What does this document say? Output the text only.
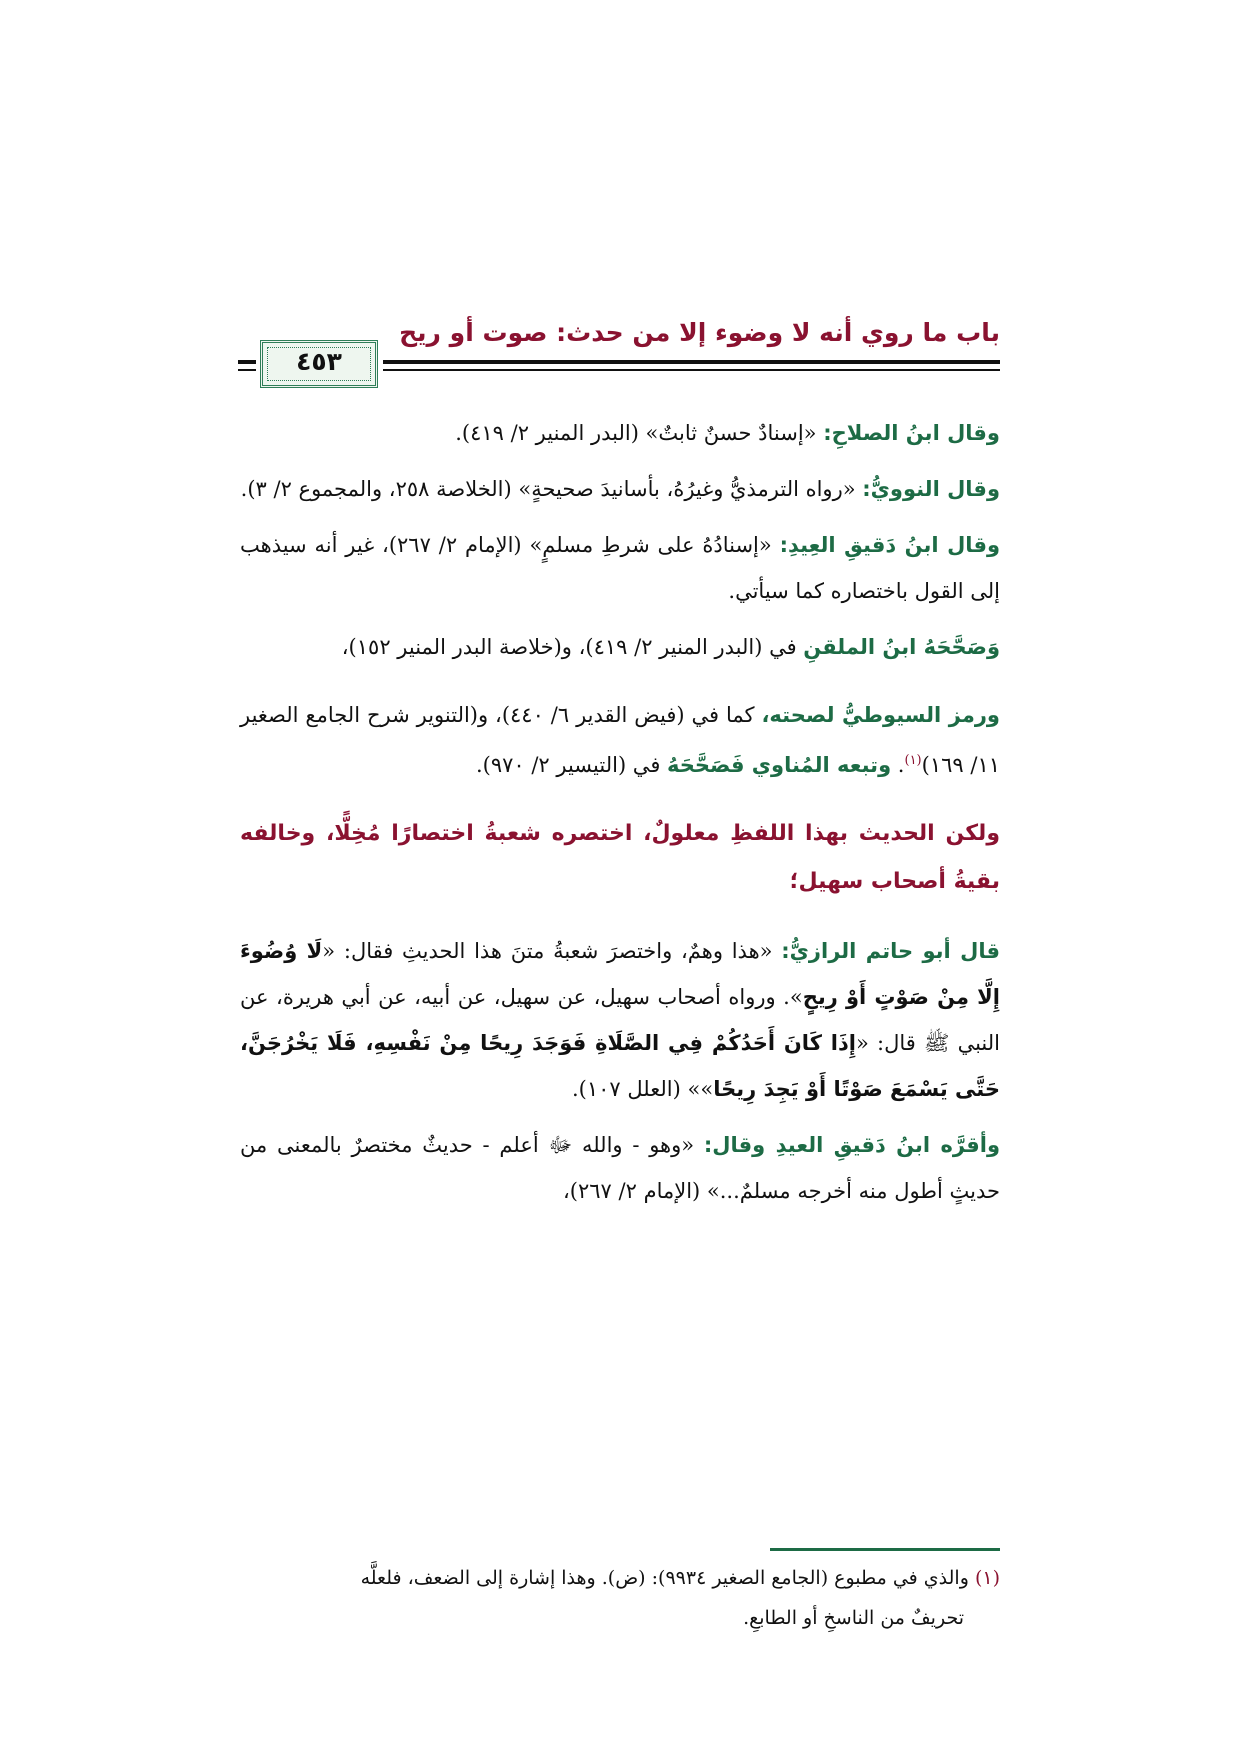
باب ما روي أنه لا وضوء إلا من حدث: صوت أو ريح
٤٥٣

وقال ابنُ الصلاحِ: «إسنادٌ حسنٌ ثابتٌ» (البدر المنير ٢/ ٤١٩).

وقال النوويُّ: «رواه الترمذيُّ وغيرُهُ، بأسانيدَ صحيحةٍ» (الخلاصة ٢٥٨، والمجموع ٢/ ٣).

وقال ابنُ دَقيقِ العِيدِ: «إسنادُهُ على شرطِ مسلمٍ» (الإمام ٢/ ٢٦٧)، غير أنه سيذهب إلى القول باختصاره كما سيأتي.

وَصَحَّحَهُ ابنُ الملقنِ في (البدر المنير ٢/ ٤١٩)، و(خلاصة البدر المنير ١٥٢)،

ورمز السيوطيُّ لصحته، كما في (فيض القدير ٦/ ٤٤٠)، و(التنوير شرح الجامع الصغير ١١/ ١٦٩)$^{(١)}$. وتبعه المُناوي فَصَحَّحَهُ في (التيسير ٢/ ٩٧٠).

ولكن الحديث بهذا اللفظِ معلولٌ، اختصره شعبةُ اختصارًا مُخِلًّا، وخالفه بقيةُ أصحاب سهيل؛

قال أبو حاتم الرازيُّ: «هذا وهمٌ، واختصرَ شعبةُ متنَ هذا الحديثِ فقال: «لَا وُضُوءَ إِلَّا مِنْ صَوْتٍ أَوْ رِيحٍ». ورواه أصحاب سهيل، عن سهيل، عن أبيه، عن أبي هريرة، عن النبي ﷺ قال: «إِذَا كَانَ أَحَدُكُمْ فِي الصَّلَاةِ فَوَجَدَ رِيحًا مِنْ نَفْسِهِ، فَلَا يَخْرُجَنَّ، حَتَّى يَسْمَعَ صَوْتًا أَوْ يَجِدَ رِيحًا»» (العلل ١٠٧).

وأقرَّه ابنُ دَقيقِ العيدِ وقال: «وهو - والله ﷻ أعلم - حديثٌ مختصرٌ بالمعنى من حديثٍ أطول منه أخرجه مسلمٌ...» (الإمام ٢/ ٢٦٧)،

(١) والذي في مطبوع (الجامع الصغير ٩٩٣٤): (ض). وهذا إشارة إلى الضعف، فلعلَّه
تحريفٌ من الناسخِ أو الطابعِ.
